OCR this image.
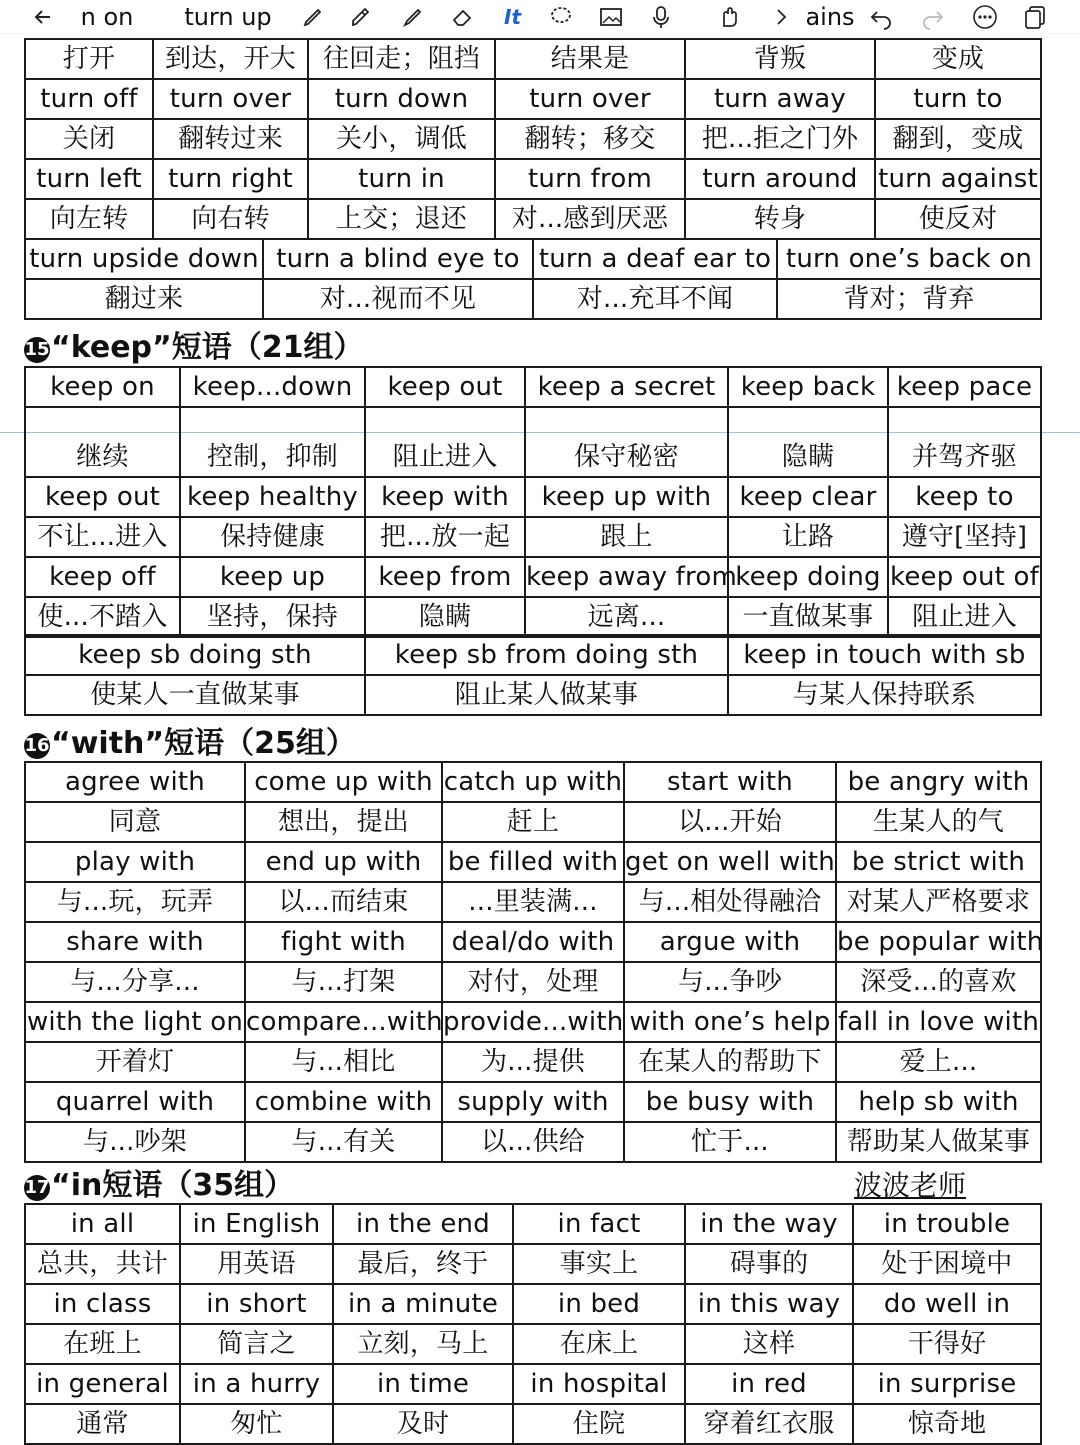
n on	turn up	It	ains
打开	到达，开大	往回走；阻挡	结果是	背叛	变成
turn off	turn over	turn down	turn over	turn away	turn to
关闭	翻转过来	关小，调低	翻转；移交	把...拒之门外	翻到，变成
turn left	turn right	turn in	turn from	turn around	turn against
向左转	向右转	上交；退还	对...感到厌恶	转身	使反对
turn upside down	turn a blind eye to	turn a deaf ear to	turn one’s back on
翻过来	对...视而不见	对...充耳不闻	背对；背弃
15“keep”短语（21组）
keep on	keep...down	keep out	keep a secret	keep back	keep pace
继续	控制，抑制	阻止进入	保守秘密	隐瞒	并驾齐驱
keep out	keep healthy	keep with	keep up with	keep clear	keep to
不让...进入	保持健康	把...放一起	跟上	让路	遵守[坚持]
keep off	keep up	keep from	keep away from	keep doing	keep out of
使...不踏入	坚持，保持	隐瞒	远离...	一直做某事	阻止进入
keep sb doing sth	keep sb from doing sth	keep in touch with sb
使某人一直做某事	阻止某人做某事	与某人保持联系
16“with”短语（25组）
agree with	come up with	catch up with	start with	be angry with
同意	想出，提出	赶上	以...开始	生某人的气
play with	end up with	be filled with	get on well with	be strict with
与...玩，玩弄	以...而结束	...里装满...	与...相处得融洽	对某人严格要求
share with	fight with	deal/do with	argue with	be popular with
与...分享...	与...打架	对付，处理	与...争吵	深受...的喜欢
with the light on	compare...with	provide...with	with one’s help	fall in love with
开着灯	与...相比	为...提供	在某人的帮助下	爱上...
quarrel with	combine with	supply with	be busy with	help sb with
与...吵架	与...有关	以...供给	忙于...	帮助某人做某事
17“in短语（35组）	波波老师
in all	in English	in the end	in fact	in the way	in trouble
总共，共计	用英语	最后，终于	事实上	碍事的	处于困境中
in class	in short	in a minute	in bed	in this way	do well in
在班上	简言之	立刻，马上	在床上	这样	干得好
in general	in a hurry	in time	in hospital	in red	in surprise
通常	匆忙	及时	住院	穿着红衣服	惊奇地
